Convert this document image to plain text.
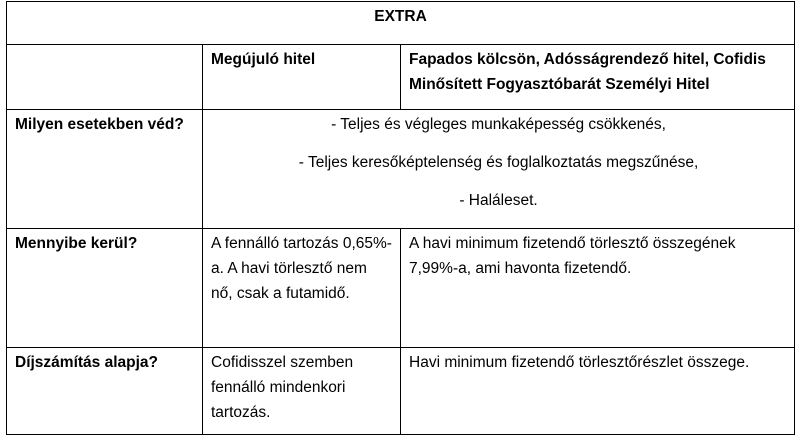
EXTRA		
	Megújuló hitel	Fapados kölcsön, Adósságrendező hitel, Cofidis Minősített Fogyasztóbarát Személyi Hitel
Milyen esetekben véd?	- Teljes és végleges munkaképesség csökkenés,

- Teljes keresőképtelenség és foglalkoztatás megszűnése,

- Haláleset.	

Mennyibe kerül?	A fennálló tartozás 0,65%-a. A havi törlesztő nem nő, csak a futamidő.	A havi minimum fizetendő törlesztő összegének 7,99%-a, ami havonta fizetendő.
Díjszámítás alapja?	Cofidisszel szemben fennálló mindenkori tartozás.	Havi minimum fizetendő törlesztőrészlet összege.
